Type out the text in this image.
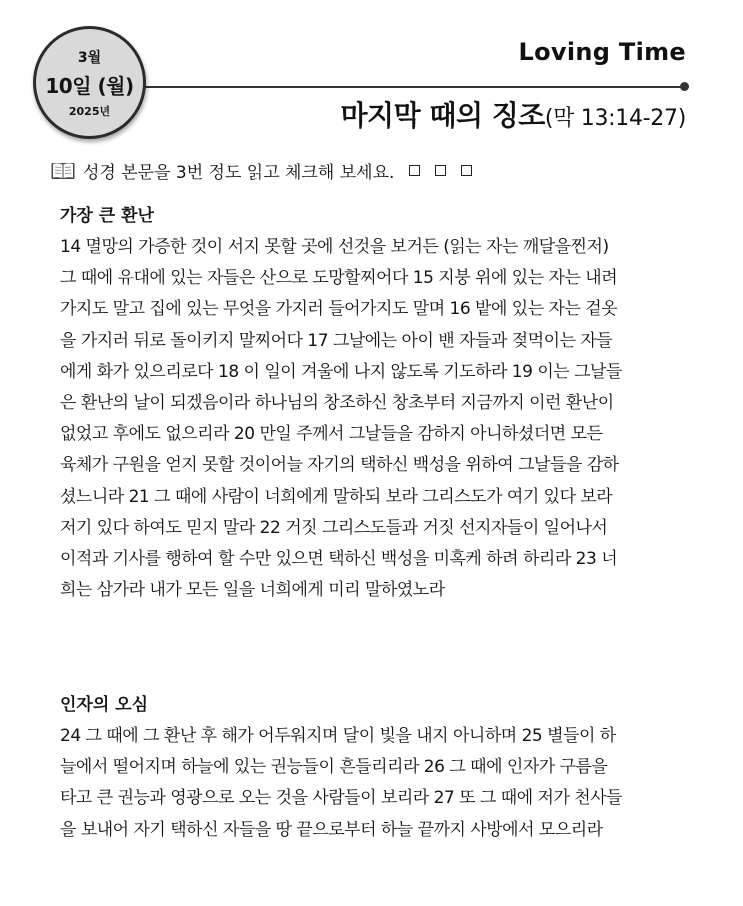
3월
10일 (월)
2025년
Loving Time
마지막 때의 징조(막 13:14-27)
성경 본문을 3번 정도 읽고 체크해 보세요.
가장 큰 환난
14 멸망의 가증한 것이 서지 못할 곳에 선것을 보거든 (읽는 자는 깨달을찐저)
그 때에 유대에 있는 자들은 산으로 도망할찌어다 15 지붕 위에 있는 자는 내려
가지도 말고 집에 있는 무엇을 가지러 들어가지도 말며 16 밭에 있는 자는 겉옷
을 가지러 뒤로 돌이키지 말찌어다 17 그날에는 아이 밴 자들과 젖먹이는 자들
에게 화가 있으리로다 18 이 일이 겨울에 나지 않도록 기도하라 19 이는 그날들
은 환난의 날이 되겠음이라 하나님의 창조하신 창초부터 지금까지 이런 환난이
없었고 후에도 없으리라 20 만일 주께서 그날들을 감하지 아니하셨더면 모든
육체가 구원을 얻지 못할 것이어늘 자기의 택하신 백성을 위하여 그날들을 감하
셨느니라 21 그 때에 사람이 너희에게 말하되 보라 그리스도가 여기 있다 보라
저기 있다 하여도 믿지 말라 22 거짓 그리스도들과 거짓 선지자들이 일어나서
이적과 기사를 행하여 할 수만 있으면 택하신 백성을 미혹케 하려 하리라 23 너
희는 삼가라 내가 모든 일을 너희에게 미리 말하였노라
인자의 오심
24 그 때에 그 환난 후 해가 어두워지며 달이 빛을 내지 아니하며 25 별들이 하
늘에서 떨어지며 하늘에 있는 권능들이 흔들리리라 26 그 때에 인자가 구름을
타고 큰 권능과 영광으로 오는 것을 사람들이 보리라 27 또 그 때에 저가 천사들
을 보내어 자기 택하신 자들을 땅 끝으로부터 하늘 끝까지 사방에서 모으리라
